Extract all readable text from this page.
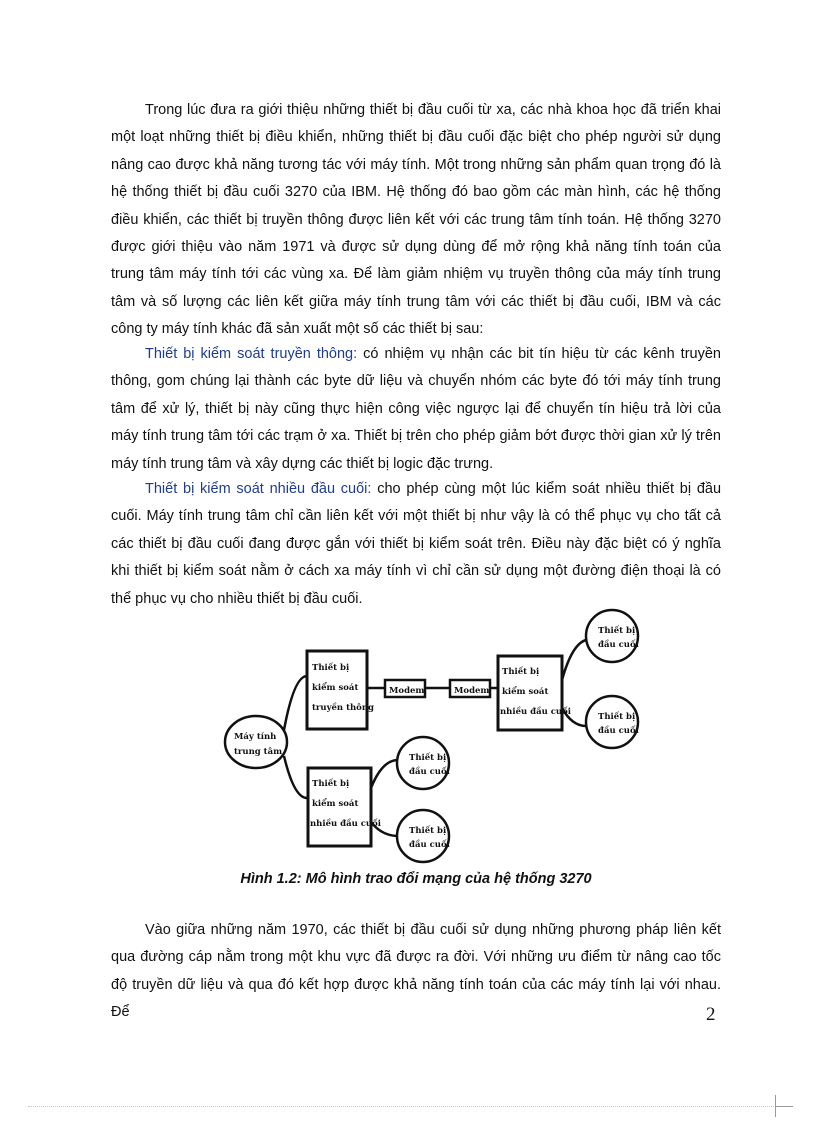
Trong lúc đưa ra giới thiệu những thiết bị đầu cuối từ xa, các nhà khoa học đã triển khai một loạt những thiết bị điều khiển, những thiết bị đầu cuối đặc biệt cho phép người sử dụng nâng cao được khả năng tương tác với máy tính. Một trong những sản phẩm quan trọng đó là hệ thống thiết bị đầu cuối 3270 của IBM. Hệ thống đó bao gồm các màn hình, các hệ thống điều khiển, các thiết bị truyền thông được liên kết với các trung tâm tính toán. Hệ thống 3270 được giới thiệu vào năm 1971 và được sử dụng dùng để mở rộng khả năng tính toán của trung tâm máy tính tới các vùng xa. Để làm giảm nhiệm vụ truyền thông của máy tính trung tâm và số lượng các liên kết giữa máy tính trung tâm với các thiết bị đầu cuối, IBM và các công ty máy tính khác đã sản xuất một số các thiết bị sau:

Thiết bị kiểm soát truyền thông: có nhiệm vụ nhận các bit tín hiệu từ các kênh truyền thông, gom chúng lại thành các byte dữ liệu và chuyển nhóm các byte đó tới máy tính trung tâm để xử lý, thiết bị này cũng thực hiện công việc ngược lại để chuyển tín hiệu trả lời của máy tính trung tâm tới các trạm ở xa. Thiết bị trên cho phép giảm bớt được thời gian xử lý trên máy tính trung tâm và xây dựng các thiết bị logic đặc trưng.

Thiết bị kiểm soát nhiều đầu cuối: cho phép cùng một lúc kiểm soát nhiều thiết bị đầu cuối. Máy tính trung tâm chỉ cần liên kết với một thiết bị như vậy là có thể phục vụ cho tất cả các thiết bị đầu cuối đang được gắn với thiết bị kiểm soát trên. Điều này đặc biệt có ý nghĩa khi thiết bị kiểm soát nằm ở cách xa máy tính vì chỉ cần sử dụng một đường điện thoại là có thể phục vụ cho nhiều thiết bị đầu cuối.

Máy tính
trung tâm
Thiết bị
kiểm soát
truyền thông
Modem	Modem
Thiết bị
kiểm soát
nhiều đầu cuối
Thiết bị
đầu cuối
Thiết bị
đầu cuối
Thiết bị
kiểm soát
nhiều đầu cuối
Thiết bị
đầu cuối
Thiết bị
đầu cuối

Hình 1.2: Mô hình trao đổi mạng của hệ thống 3270

Vào giữa những năm 1970, các thiết bị đầu cuối sử dụng những phương pháp liên kết qua đường cáp nằm trong một khu vực đã được ra đời. Với những ưu điểm từ nâng cao tốc độ truyền dữ liệu và qua đó kết hợp được khả năng tính toán của các máy tính lại với nhau. Để	2
